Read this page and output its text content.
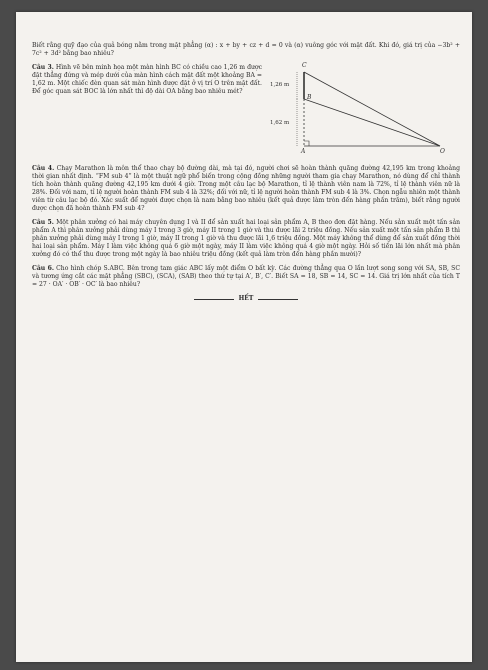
Biết rằng quỹ đạo của quả bóng nằm trong mặt phẳng (α) : x + by + cz + d = 0 và (α) vuông góc với mặt đất. Khi đó, giá trị của −3b² + 7c² + 3d² bằng bao nhiêu?

Câu 3. Hình vẽ bên minh họa một màn hình BC có chiều cao 1,26 m được đặt thẳng đứng và mép dưới của màn hình cách mặt đất một khoảng BA = 1,62 m. Một chiếc đèn quan sát màn hình được đặt ở vị trí O trên mặt đất. Để góc quan sát BOC là lớn nhất thì độ dài OA bằng bao nhiêu mét?
C
B
A	O
1,26 m
1,62 m

Câu 4. Chạy Marathon là môn thể thao chạy bộ đường dài, mà tại đó, người chơi sẽ hoàn thành quãng đường 42,195 km trong khoảng thời gian nhất định. “FM sub 4” là một thuật ngữ phổ biến trong cộng đồng những người tham gia chạy Marathon, nó dùng để chỉ thành tích hoàn thành quãng đường 42,195 km dưới 4 giờ. Trong một câu lạc bộ Marathon, tỉ lệ thành viên nam là 72%, tỉ lệ thành viên nữ là 28%. Đối với nam, tỉ lệ người hoàn thành FM sub 4 là 32%; đối với nữ, tỉ lệ người hoàn thành FM sub 4 là 3%. Chọn ngẫu nhiên một thành viên từ câu lạc bộ đó. Xác suất để người được chọn là nam bằng bao nhiêu (kết quả được làm tròn đến hàng phần trăm), biết rằng người được chọn đã hoàn thành FM sub 4?

Câu 5. Một phân xưởng có hai máy chuyên dụng I và II để sản xuất hai loại sản phẩm A, B theo đơn đặt hàng. Nếu sản xuất một tấn sản phẩm A thì phân xưởng phải dùng máy I trong 3 giờ, máy II trong 1 giờ và thu được lãi 2 triệu đồng. Nếu sản xuất một tấn sản phẩm B thì phân xưởng phải dùng máy I trong 1 giờ, máy II trong 1 giờ và thu được lãi 1,6 triệu đồng. Một máy không thể dùng để sản xuất đồng thời hai loại sản phẩm. Máy I làm việc không quá 6 giờ một ngày, máy II làm việc không quá 4 giờ một ngày. Hỏi số tiền lãi lớn nhất mà phân xưởng đó có thể thu được trong một ngày là bao nhiêu triệu đồng (kết quả làm tròn đến hàng phần mười)?

Câu 6. Cho hình chóp S.ABC. Bên trong tam giác ABC lấy một điểm O bất kỳ. Các đường thẳng qua O lần lượt song song với SA, SB, SC và tương ứng cắt các mặt phẳng (SBC), (SCA), (SAB) theo thứ tự tại A′, B′, C′. Biết SA = 18, SB = 14, SC = 14. Giá trị lớn nhất của tích T = 27 · OA′ · OB′ · OC′ là bao nhiêu?

HẾT
